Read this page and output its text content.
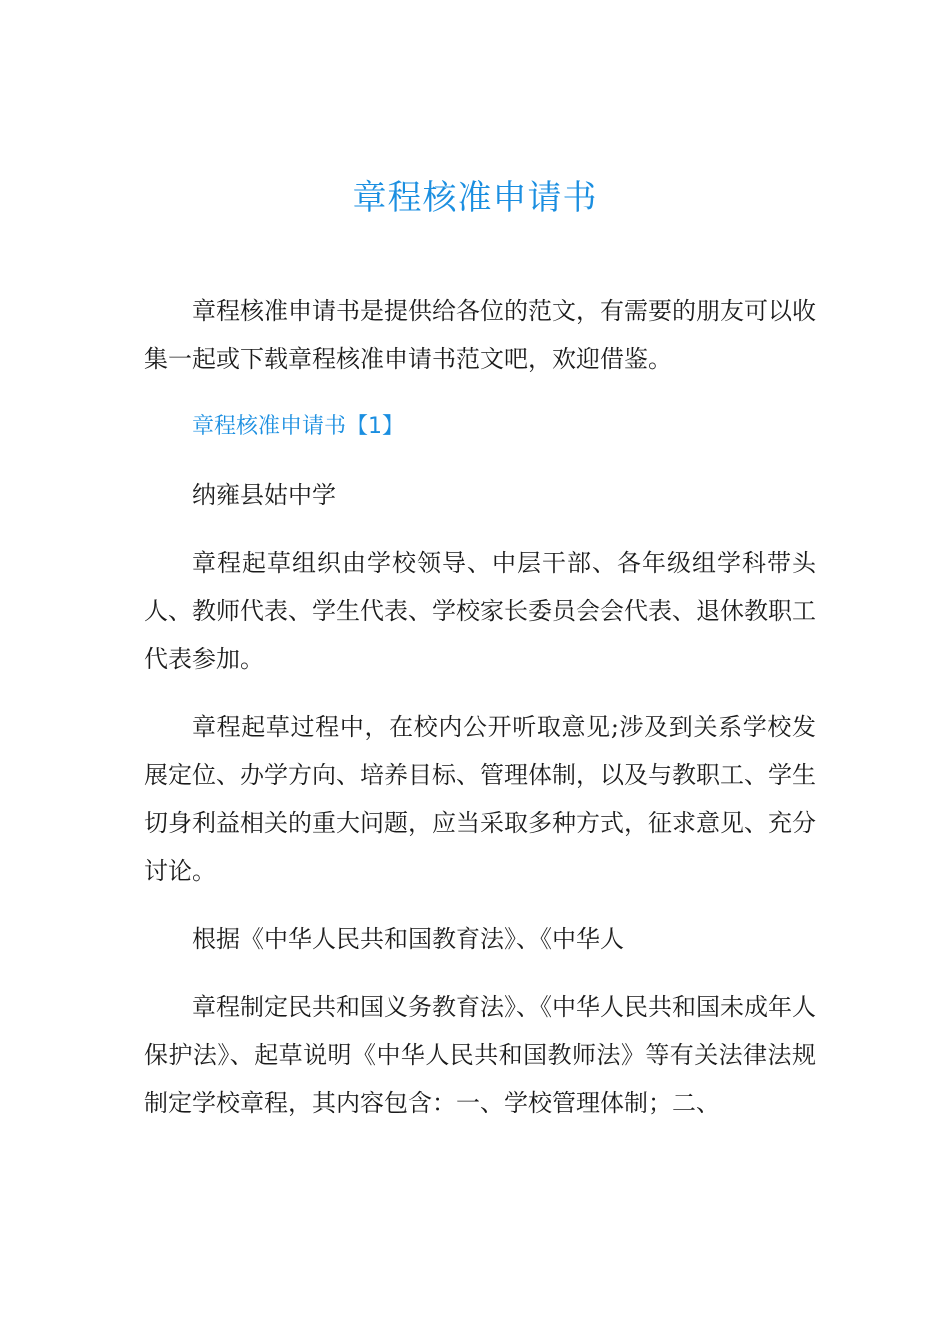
章程核准申请书

章程核准申请书是提供给各位的范文，有需要的朋友可以收集一起或下载章程核准申请书范文吧，欢迎借鉴。

章程核准申请书【1】

纳雍县姑中学

章程起草组织由学校领导、中层干部、各年级组学科带头人、教师代表、学生代表、学校家长委员会会代表、退休教职工代表参加。

章程起草过程中，在校内公开听取意见;涉及到关系学校发展定位、办学方向、培养目标、管理体制，以及与教职工、学生切身利益相关的重大问题，应当采取多种方式，征求意见、充分讨论。

根据《中华人民共和国教育法》、《中华人

章程制定民共和国义务教育法》、《中华人民共和国未成年人保护法》、起草说明《中华人民共和国教师法》等有关法律法规制定学校章程，其内容包含：一、学校管理体制；二、
